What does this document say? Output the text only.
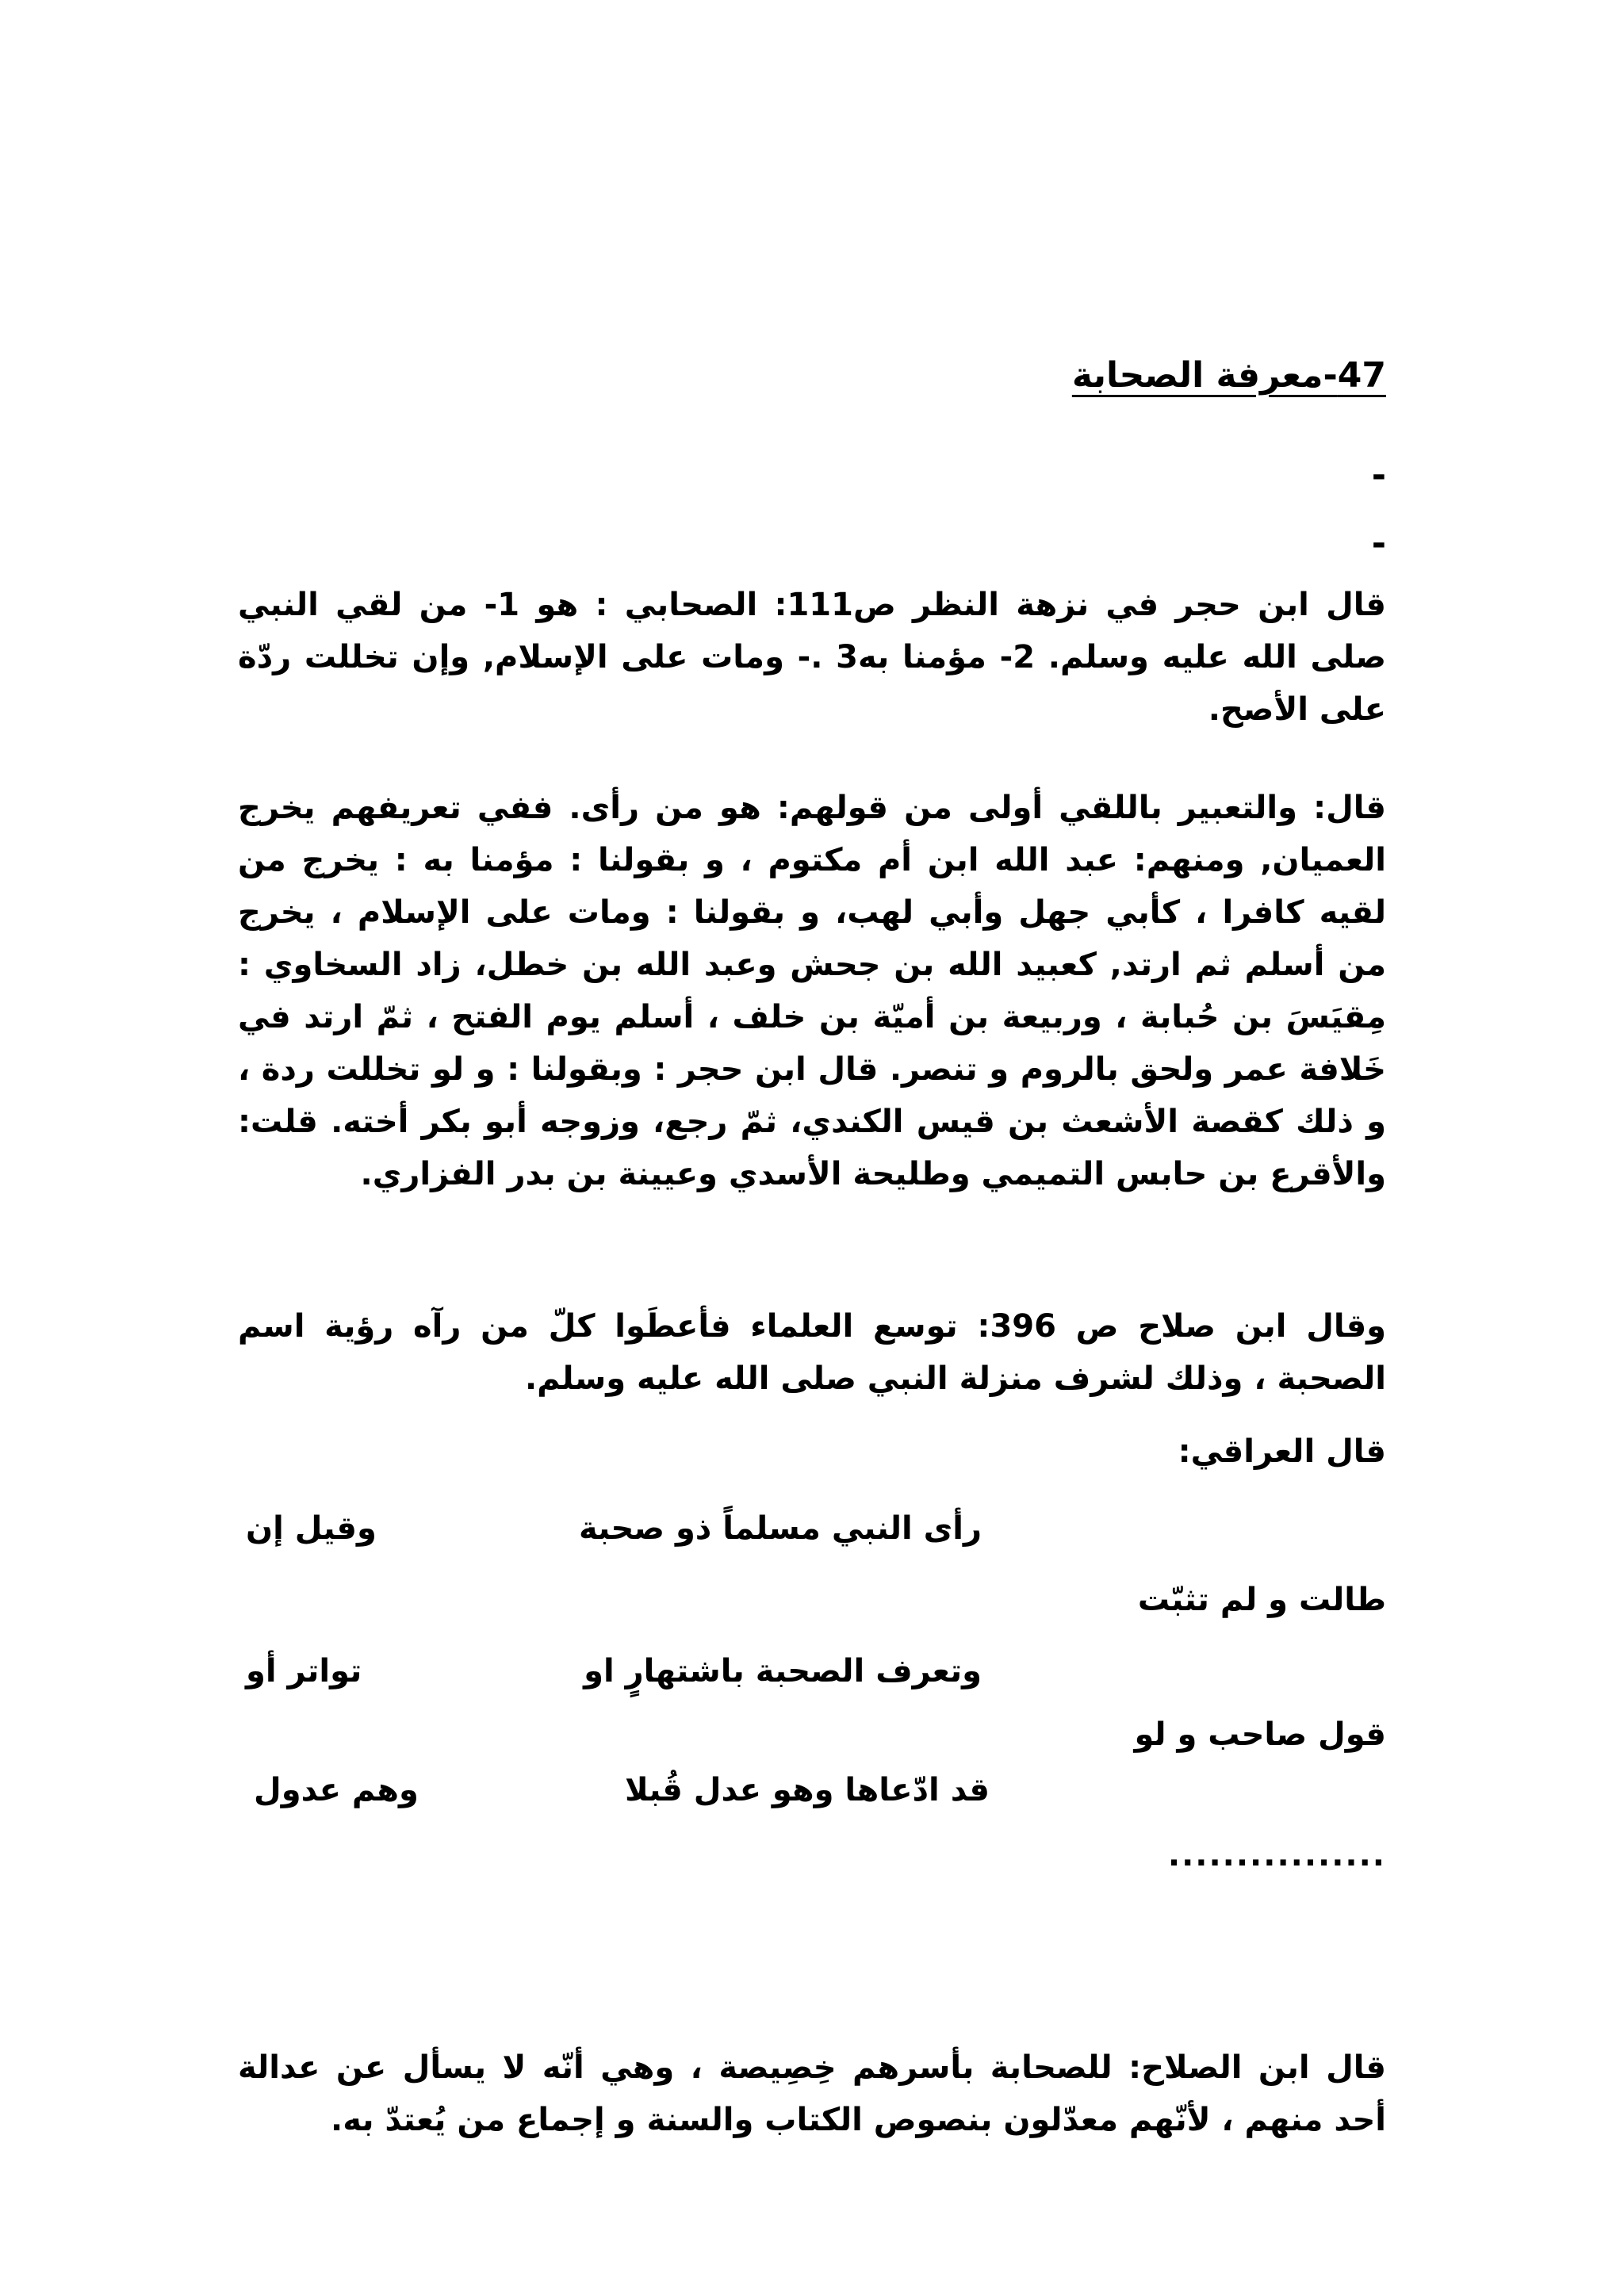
47-معرفة الصحابة
-
-

قال ابن حجر في نزهة النظر ص111: الصحابي : هو 1- من لقي النبي صلى الله عليه وسلم. 2- مؤمنا به3 .- ومات على الإسلام, وإن تخللت ردّة على الأصح.

قال: والتعبير باللقي أولى من قولهم: هو من رأى. ففي تعريفهم يخرج العميان, ومنهم: عبد الله ابن أم مكتوم ، و بقولنا : مؤمنا به : يخرج من لقيه كافرا ، كأبي جهل وأبي لهب، و بقولنا : ومات على الإسلام ، يخرج من أسلم ثم ارتد, كعبيد الله بن جحش وعبد الله بن خطل، زاد السخاوي : مِقيَسَ بن حُبابة ، وربيعة بن أميّة بن خلف ، أسلم يوم الفتح ، ثمّ ارتد في خَلافة عمر ولحق بالروم و تنصر. قال ابن حجر : وبقولنا : و لو تخللت ردة ، و ذلك كقصة الأشعث بن قيس الكندي، ثمّ رجع، وزوجه أبو بكر أخته. قلت: والأقرع بن حابس التميمي وطليحة الأسدي وعيينة بن بدر الفزاري.

وقال ابن صلاح ص 396: توسع العلماء فأعطَوا كلّ من رآه رؤية اسم الصحبة ، وذلك لشرف منزلة النبي صلى الله عليه وسلم.

قال العراقي:

رأى النبي مسلماً ذو صحبة
وقيل إن
طالت و لم تثبّت
وتعرف الصحبة باشتهارٍ او
تواتر أو
قول صاحب و لو
قد ادّعاها وهو عدل قُبلا
وهم عدول
................

قال ابن الصلاح: للصحابة بأسرهم خِصِيصة ، وهي أنّه لا يسأل عن عدالة أحد منهم ، لأنّهم معدّلون بنصوص الكتاب والسنة و إجماع من يُعتدّ به.
